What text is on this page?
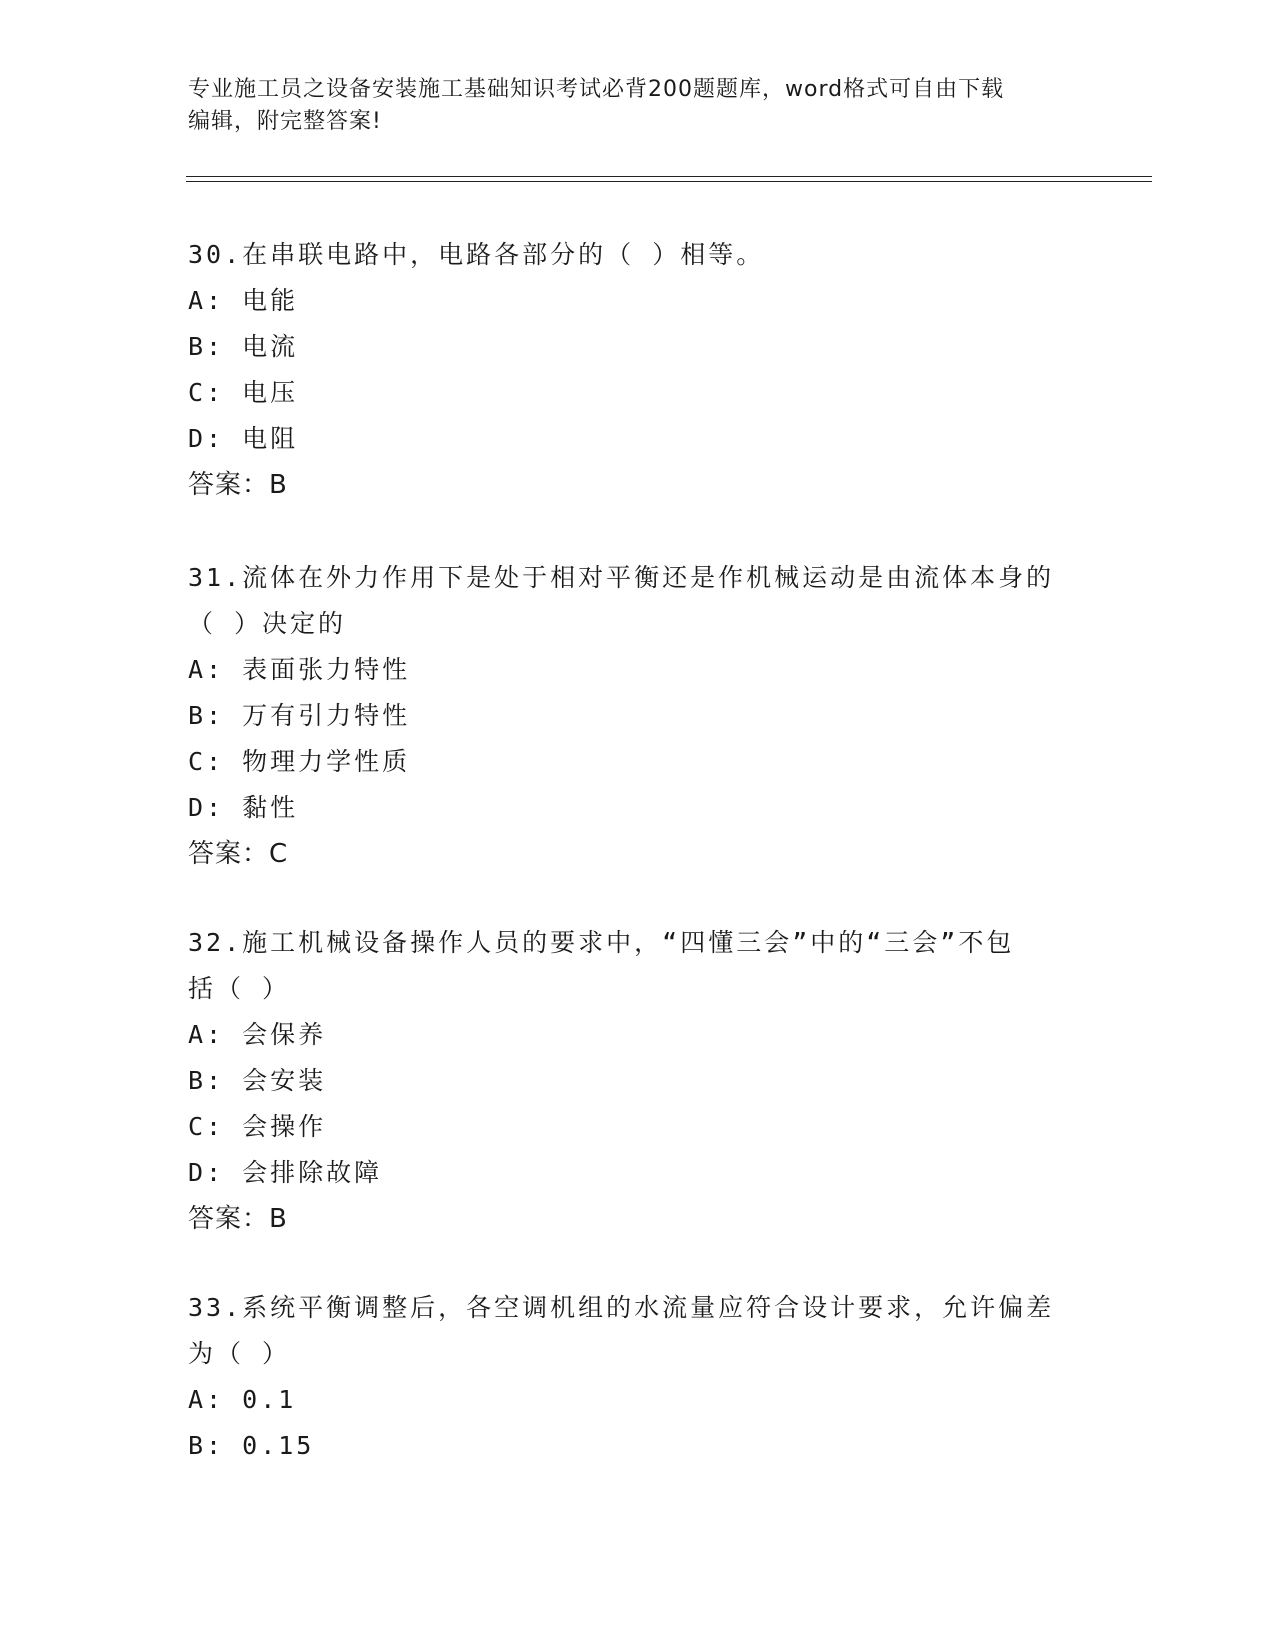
专业施工员之设备安装施工基础知识考试必背200题题库，word格式可自由下载
编辑，附完整答案!
30.在串联电路中，电路各部分的（ ）相等。
A: 电能
B: 电流
C: 电压
D: 电阻
答案：B
31.流体在外力作用下是处于相对平衡还是作机械运动是由流体本身的
（ ）决定的
A: 表面张力特性
B: 万有引力特性
C: 物理力学性质
D: 黏性
答案：C
32.施工机械设备操作人员的要求中，“四懂三会”中的“三会”不包
括（ ）
A: 会保养
B: 会安装
C: 会操作
D: 会排除故障
答案：B
33.系统平衡调整后，各空调机组的水流量应符合设计要求，允许偏差
为（ ）
A: 0.1
B: 0.15
